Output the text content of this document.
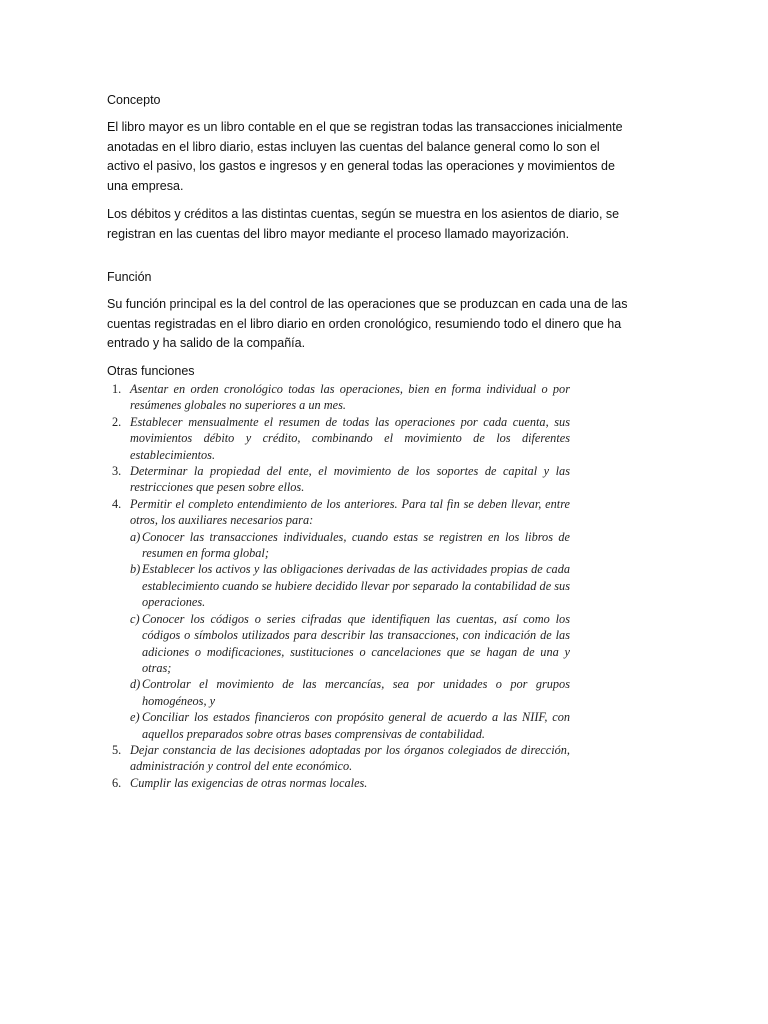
Concepto

El libro mayor es un libro contable en el que se registran todas las transacciones inicialmente anotadas en el libro diario, estas incluyen las cuentas del balance general como lo son el activo el pasivo, los gastos e ingresos y en general todas las operaciones y movimientos de una empresa.

Los débitos y créditos a las distintas cuentas, según se muestra en los asientos de diario, se registran en las cuentas del libro mayor mediante el proceso llamado mayorización.

Función

Su función principal es la del control de las operaciones que se produzcan en cada una de las cuentas registradas en el libro diario en orden cronológico, resumiendo todo el dinero que ha entrado y ha salido de la compañía.

Otras funciones

1. Asentar en orden cronológico todas las operaciones, bien en forma individual o por resúmenes globales no superiores a un mes.
2. Establecer mensualmente el resumen de todas las operaciones por cada cuenta, sus movimientos débito y crédito, combinando el movimiento de los diferentes establecimientos.
3. Determinar la propiedad del ente, el movimiento de los soportes de capital y las restricciones que pesen sobre ellos.
4. Permitir el completo entendimiento de los anteriores. Para tal fin se deben llevar, entre otros, los auxiliares necesarios para:
a) Conocer las transacciones individuales, cuando estas se registren en los libros de resumen en forma global;
b) Establecer los activos y las obligaciones derivadas de las actividades propias de cada establecimiento cuando se hubiere decidido llevar por separado la contabilidad de sus operaciones.
c) Conocer los códigos o series cifradas que identifiquen las cuentas, así como los códigos o símbolos utilizados para describir las transacciones, con indicación de las adiciones o modificaciones, sustituciones o cancelaciones que se hagan de una y otras;
d) Controlar el movimiento de las mercancías, sea por unidades o por grupos homogéneos, y
e) Conciliar los estados financieros con propósito general de acuerdo a las NIIF, con aquellos preparados sobre otras bases comprensivas de contabilidad.
5. Dejar constancia de las decisiones adoptadas por los órganos colegiados de dirección, administración y control del ente económico.
6. Cumplir las exigencias de otras normas locales.
